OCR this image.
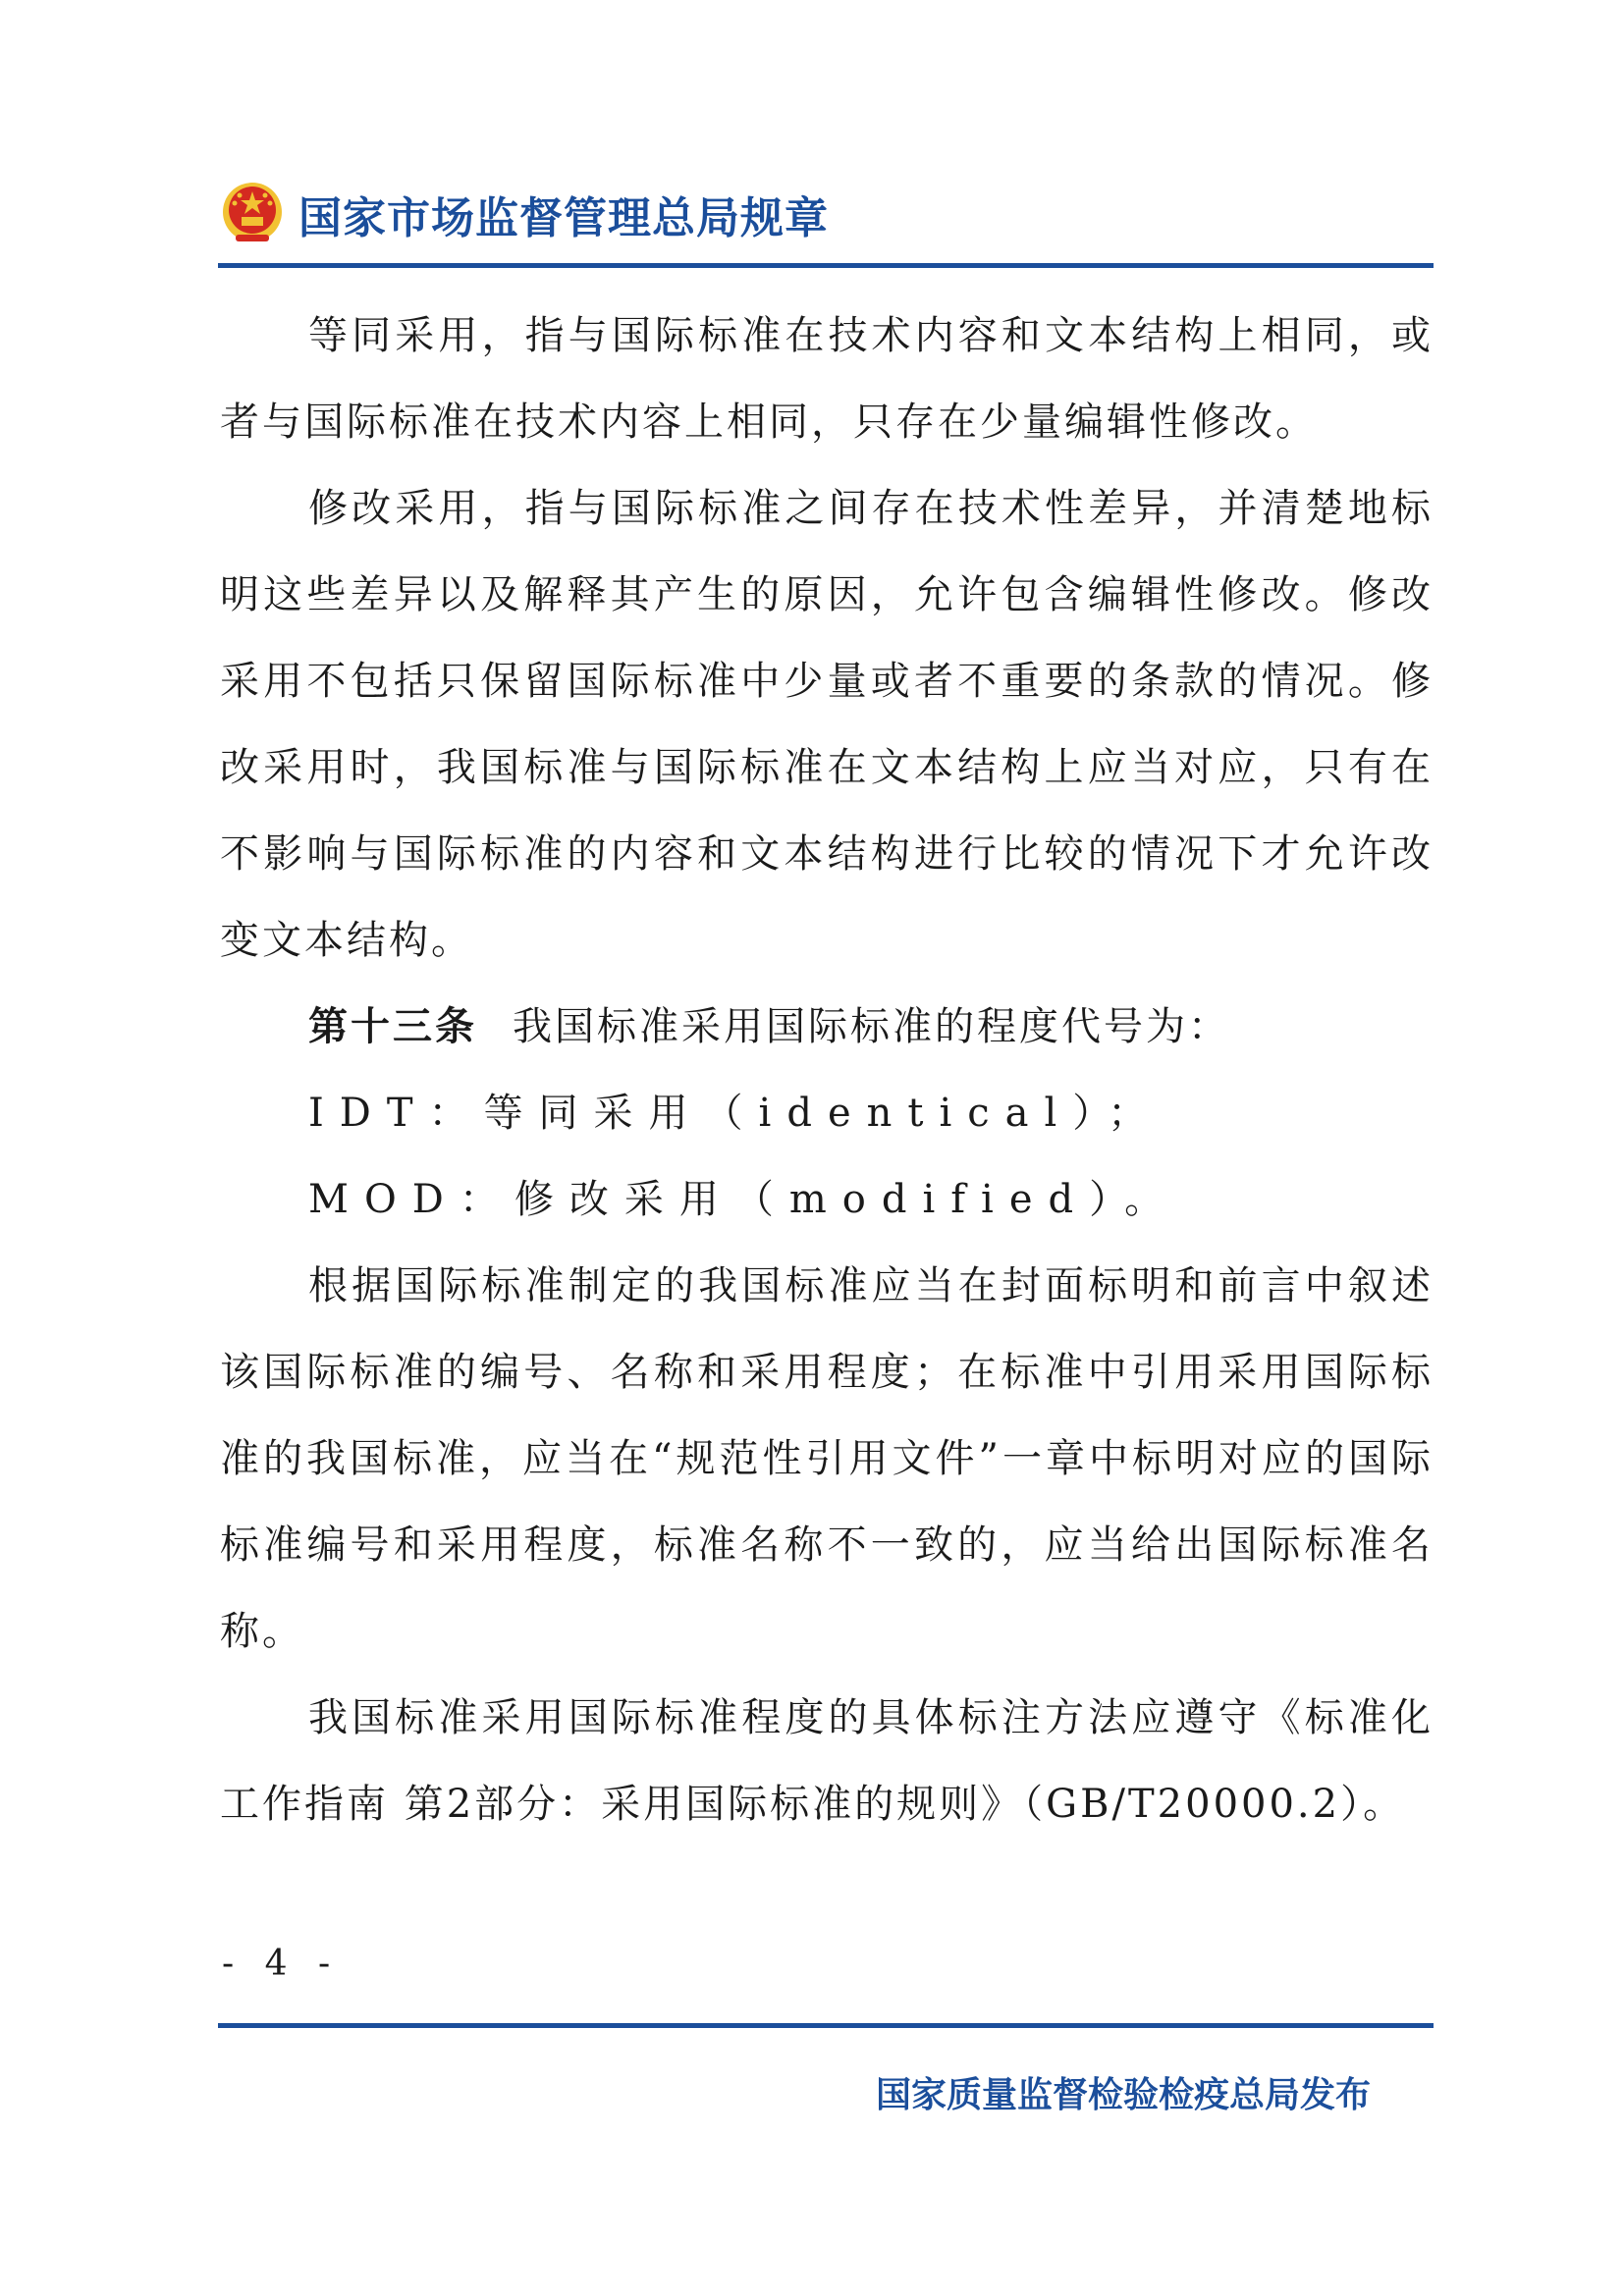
国家市场监督管理总局规章

等同采用，指与国际标准在技术内容和文本结构上相同，或者与国际标准在技术内容上相同，只存在少量编辑性修改。

修改采用，指与国际标准之间存在技术性差异，并清楚地标明这些差异以及解释其产生的原因，允许包含编辑性修改。修改采用不包括只保留国际标准中少量或者不重要的条款的情况。修改采用时，我国标准与国际标准在文本结构上应当对应，只有在不影响与国际标准的内容和文本结构进行比较的情况下才允许改变文本结构。

第十三条 我国标准采用国际标准的程度代号为：

IDT：等同采用（identical）；

MOD：修改采用（modified）。

根据国际标准制定的我国标准应当在封面标明和前言中叙述该国际标准的编号、名称和采用程度；在标准中引用采用国际标准的我国标准，应当在“规范性引用文件”一章中标明对应的国际标准编号和采用程度，标准名称不一致的，应当给出国际标准名称。

我国标准采用国际标准程度的具体标注方法应遵守《标准化工作指南 第2部分：采用国际标准的规则》（GB/T20000.2）。

- 4 -
国家质量监督检验检疫总局发布
